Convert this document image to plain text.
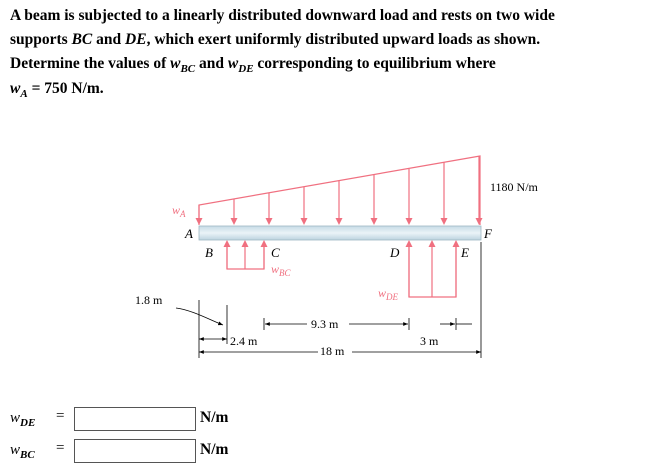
A beam is subjected to a linearly distributed downward load and rests on two wide
supports BC and DE, which exert uniformly distributed upward loads as shown.
Determine the values of $w_{BC}$ and $w_{DE}$ corresponding to equilibrium where
$w_A = 750$ N/m.
1180 N/m
$w_A$
A
B	C	D	E
F
$w_{BC}$
$w_{DE}$
1.8 m
2.4 m
9.3 m
3 m
18 m
$w_{DE}$ =	N/m
$w_{BC}$ =	N/m
